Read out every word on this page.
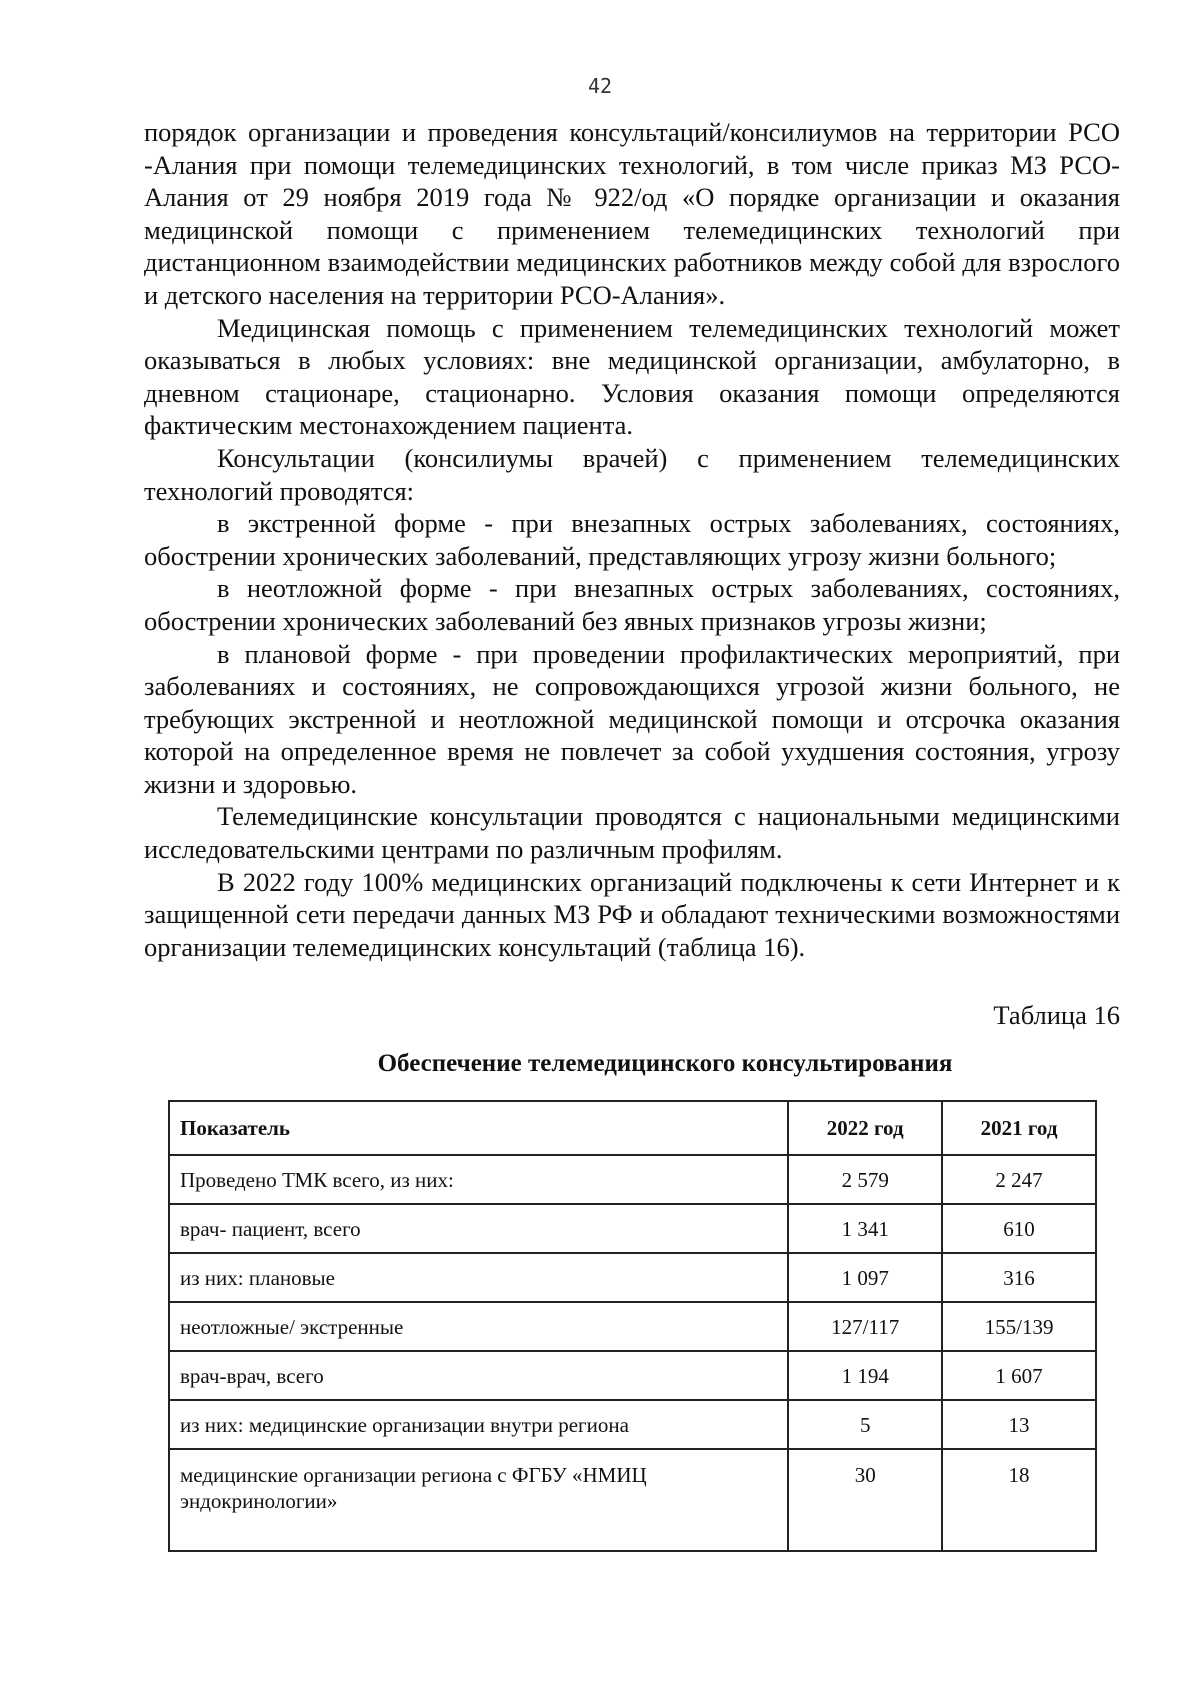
42

порядок организации и проведения консультаций/консилиумов на территории РСО -Алания при помощи телемедицинских технологий, в том числе приказ МЗ РСО-Алания от 29 ноября 2019 года № 922/од «О порядке организации и оказания медицинской помощи с применением телемедицинских технологий при дистанционном взаимодействии медицинских работников между собой для взрослого и детского населения на территории РСО-Алания».

Медицинская помощь с применением телемедицинских технологий может оказываться в любых условиях: вне медицинской организации, амбулаторно, в дневном стационаре, стационарно. Условия оказания помощи определяются фактическим местонахождением пациента.

Консультации (консилиумы врачей) с применением телемедицинских технологий проводятся:

в экстренной форме - при внезапных острых заболеваниях, состояниях, обострении хронических заболеваний, представляющих угрозу жизни больного;

в неотложной форме - при внезапных острых заболеваниях, состояниях, обострении хронических заболеваний без явных признаков угрозы жизни;

в плановой форме - при проведении профилактических мероприятий, при заболеваниях и состояниях, не сопровождающихся угрозой жизни больного, не требующих экстренной и неотложной медицинской помощи и отсрочка оказания которой на определенное время не повлечет за собой ухудшения состояния, угрозу жизни и здоровью.

Телемедицинские консультации проводятся с национальными медицинскими исследовательскими центрами по различным профилям.

В 2022 году 100% медицинских организаций подключены к сети Интернет и к защищенной сети передачи данных МЗ РФ и обладают техническими возможностями организации телемедицинских консультаций (таблица 16).

Таблица 16
Обеспечение телемедицинского консультирования
Показатель	2022 год	2021 год
Проведено ТМК всего, из них:	2 579	2 247
врач- пациент, всего	1 341	610
из них: плановые	1 097	316
неотложные/ экстренные	127/117	155/139
врач-врач, всего	1 194	1 607
из них: медицинские организации внутри региона	5	13
медицинские организации региона с ФГБУ «НМИЦ эндокринологии»	30	18
